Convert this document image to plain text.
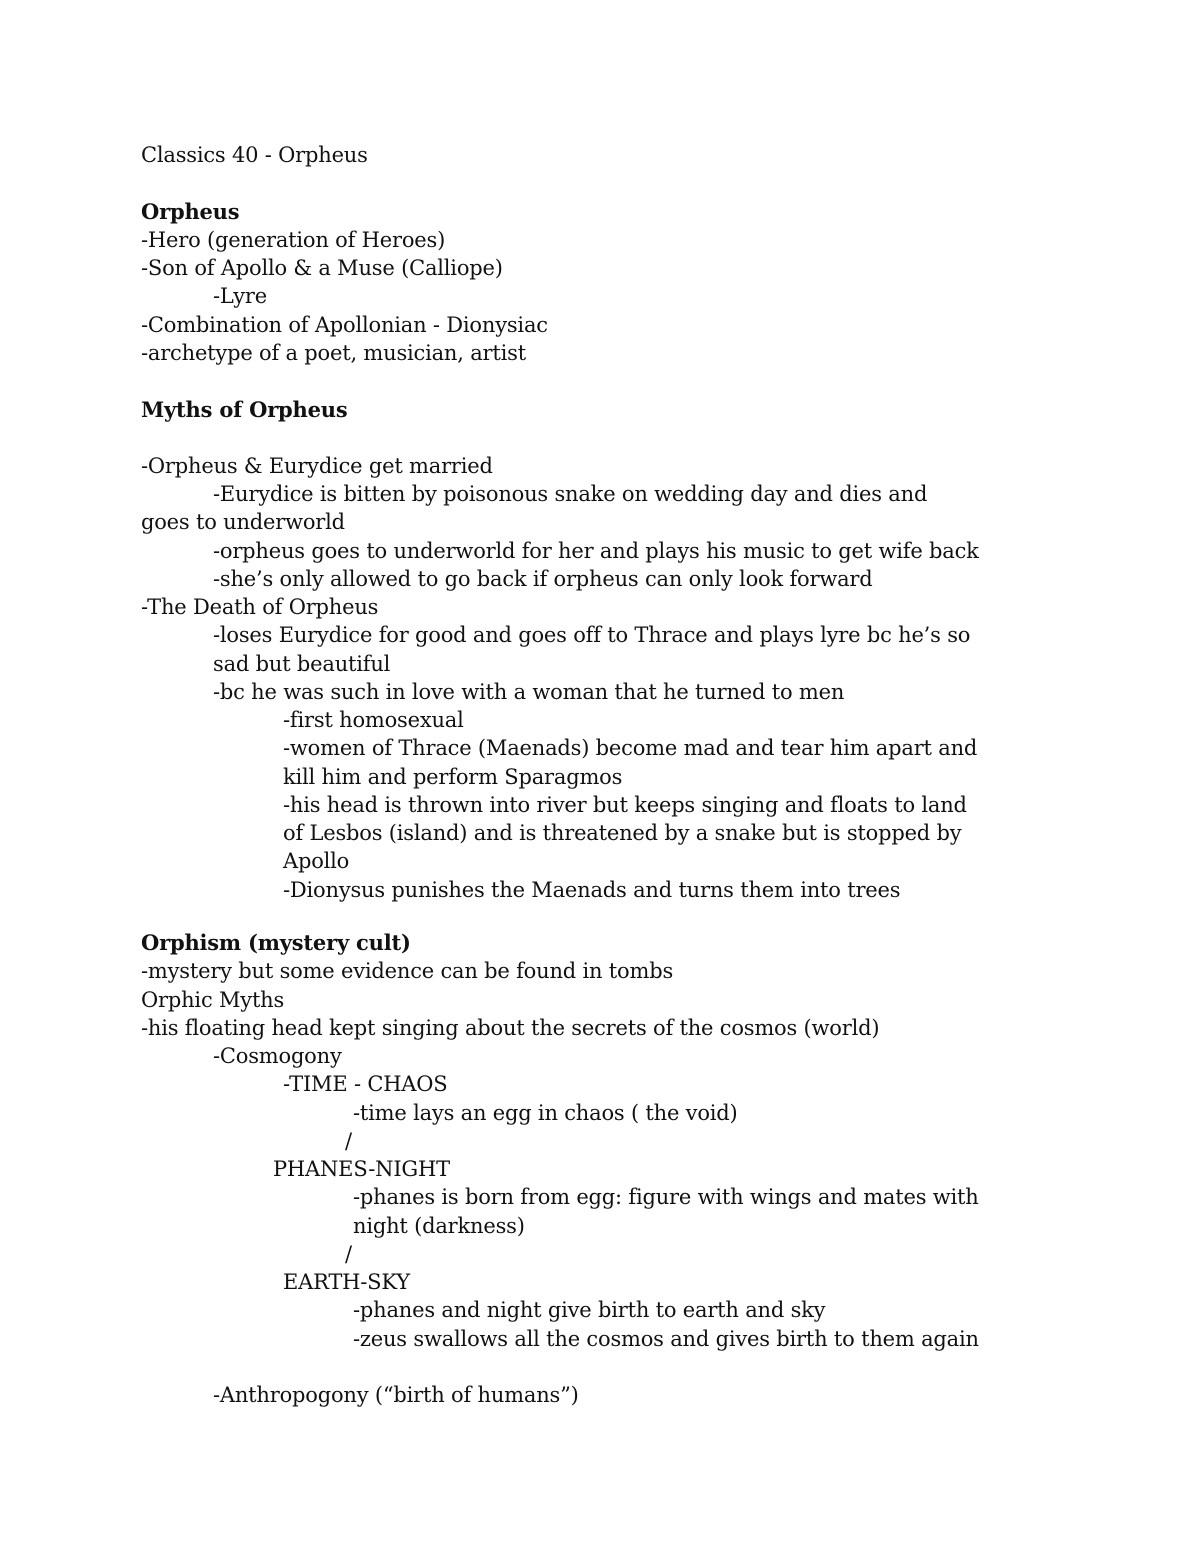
Classics 40 - Orpheus
Orpheus
-Hero (generation of Heroes)
-Son of Apollo & a Muse (Calliope)
-Lyre
-Combination of Apollonian - Dionysiac
-archetype of a poet, musician, artist
Myths of Orpheus
-Orpheus & Eurydice get married
-Eurydice is bitten by poisonous snake on wedding day and dies and
goes to underworld
-orpheus goes to underworld for her and plays his music to get wife back
-she’s only allowed to go back if orpheus can only look forward
-The Death of Orpheus
-loses Eurydice for good and goes off to Thrace and plays lyre bc he’s so
sad but beautiful
-bc he was such in love with a woman that he turned to men
-first homosexual
-women of Thrace (Maenads) become mad and tear him apart and
kill him and perform Sparagmos
-his head is thrown into river but keeps singing and floats to land
of Lesbos (island) and is threatened by a snake but is stopped by
Apollo
-Dionysus punishes the Maenads and turns them into trees
Orphism (mystery cult)
-mystery but some evidence can be found in tombs
Orphic Myths
-his floating head kept singing about the secrets of the cosmos (world)
-Cosmogony
-TIME - CHAOS
-time lays an egg in chaos ( the void)
/
PHANES-NIGHT
-phanes is born from egg: figure with wings and mates with
night (darkness)
/
EARTH-SKY
-phanes and night give birth to earth and sky
-zeus swallows all the cosmos and gives birth to them again
-Anthropogony (“birth of humans”)
